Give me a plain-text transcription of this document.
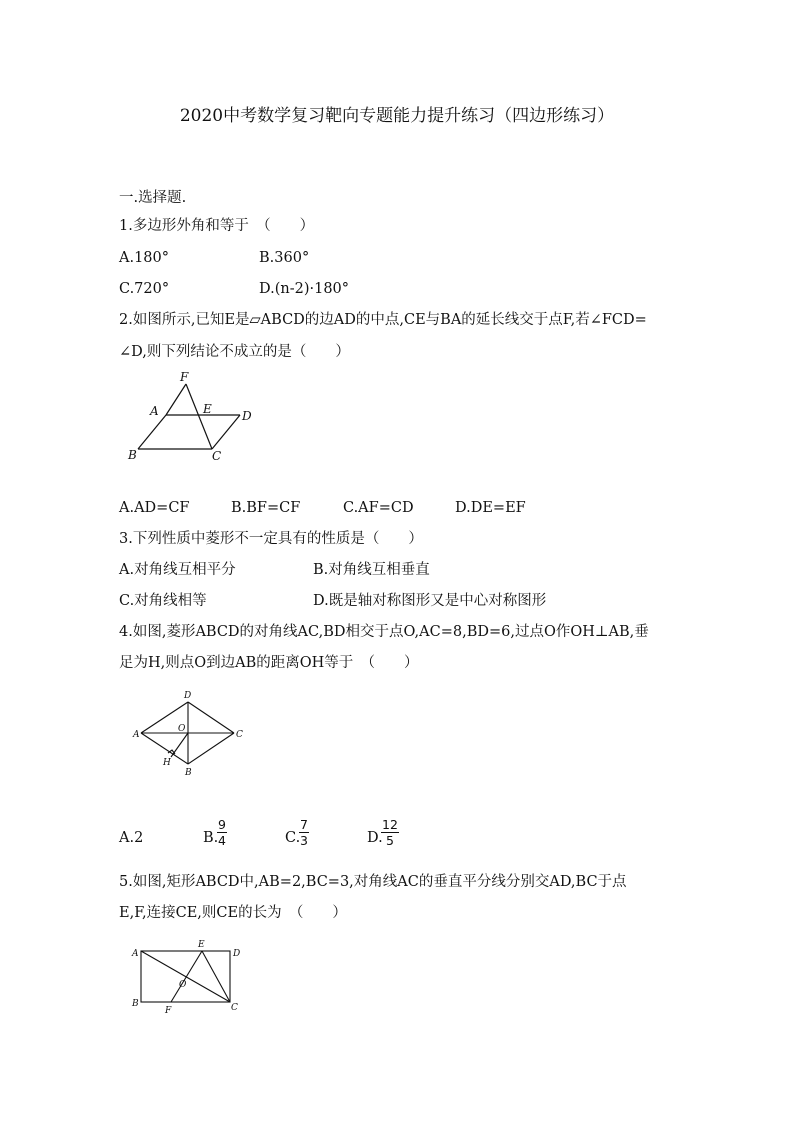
2020中考数学复习靶向专题能力提升练习（四边形练习）
一.选择题.
1.多边形外角和等于　（　　）
A.180°	B.360°
C.720°	D.(n-2)·180°
2.如图所示,已知E是▱ABCD的边AD的中点,CE与BA的延长线交于点F,若∠FCD=
∠D,则下列结论不成立的是（　　）
F
A	E	D
B	C
A.AD=CF	B.BF=CF	C.AF=CD	D.DE=EF
3.下列性质中菱形不一定具有的性质是（　　）
A.对角线互相平分	B.对角线互相垂直
C.对角线相等	D.既是轴对称图形又是中心对称图形
4.如图,菱形ABCD的对角线AC,BD相交于点O,AC=8,BD=6,过点O作OH⊥AB,垂
足为H,则点O到边AB的距离OH等于　（　　）
D
O
A	C
H
B
A.2	B.
$\frac{9}{4}$	C.
$\frac{7}{3}$	D.
$\frac{12}{5}$
5.如图,矩形ABCD中,AB=2,BC=3,对角线AC的垂直平分线分别交AD,BC于点
E,F,连接CE,则CE的长为　（　　）
A
E
D
O
B
F	C
